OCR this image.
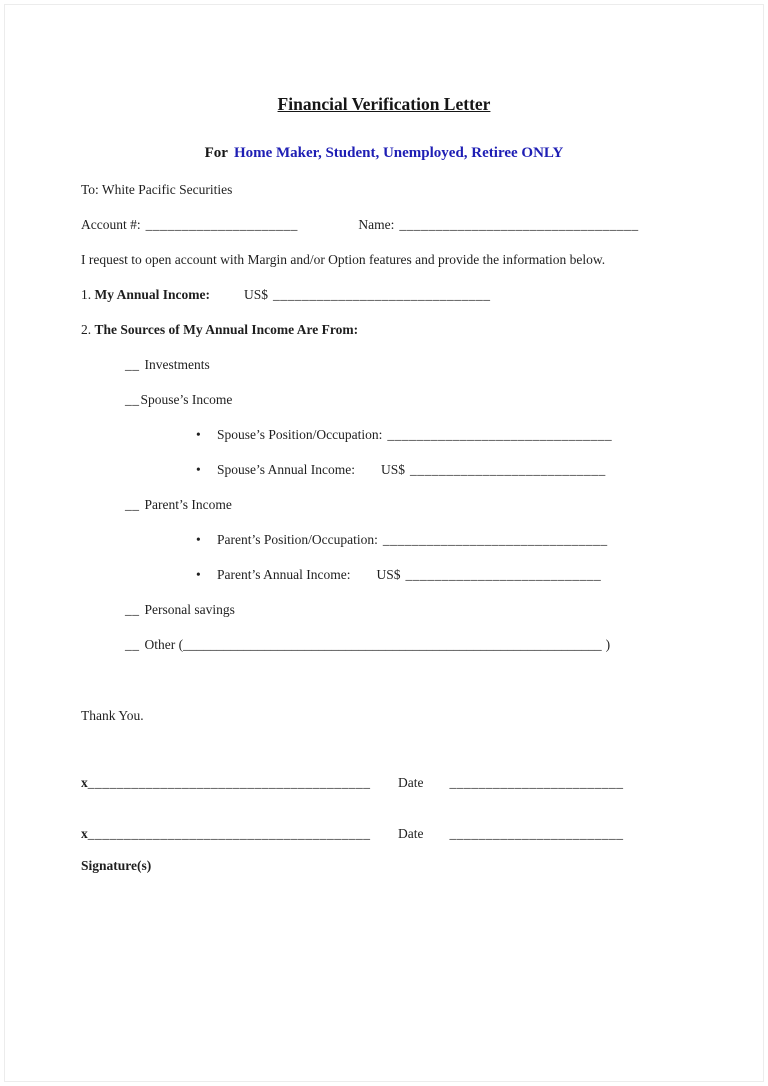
Financial Verification Letter
For Home Maker, Student, Unemployed, Retiree ONLY
To: White Pacific Securities
Account #: _____________________	Name: _________________________________
I request to open account with Margin and/or Option features and provide the information below.
1. My Annual Income:	US$ ______________________________
2. The Sources of My Annual Income Are From:
__ Investments
__Spouse’s Income
• Spouse’s Position/Occupation: _______________________________
• Spouse’s Annual Income: US$ ___________________________
__ Parent’s Income
• Parent’s Position/Occupation: _______________________________
• Parent’s Annual Income: US$ ___________________________
__ Personal savings
__ Other (______________________________________________________________ )
Thank You.
x_______________________________________	Date ________________________
x_______________________________________	Date ________________________
Signature(s)
